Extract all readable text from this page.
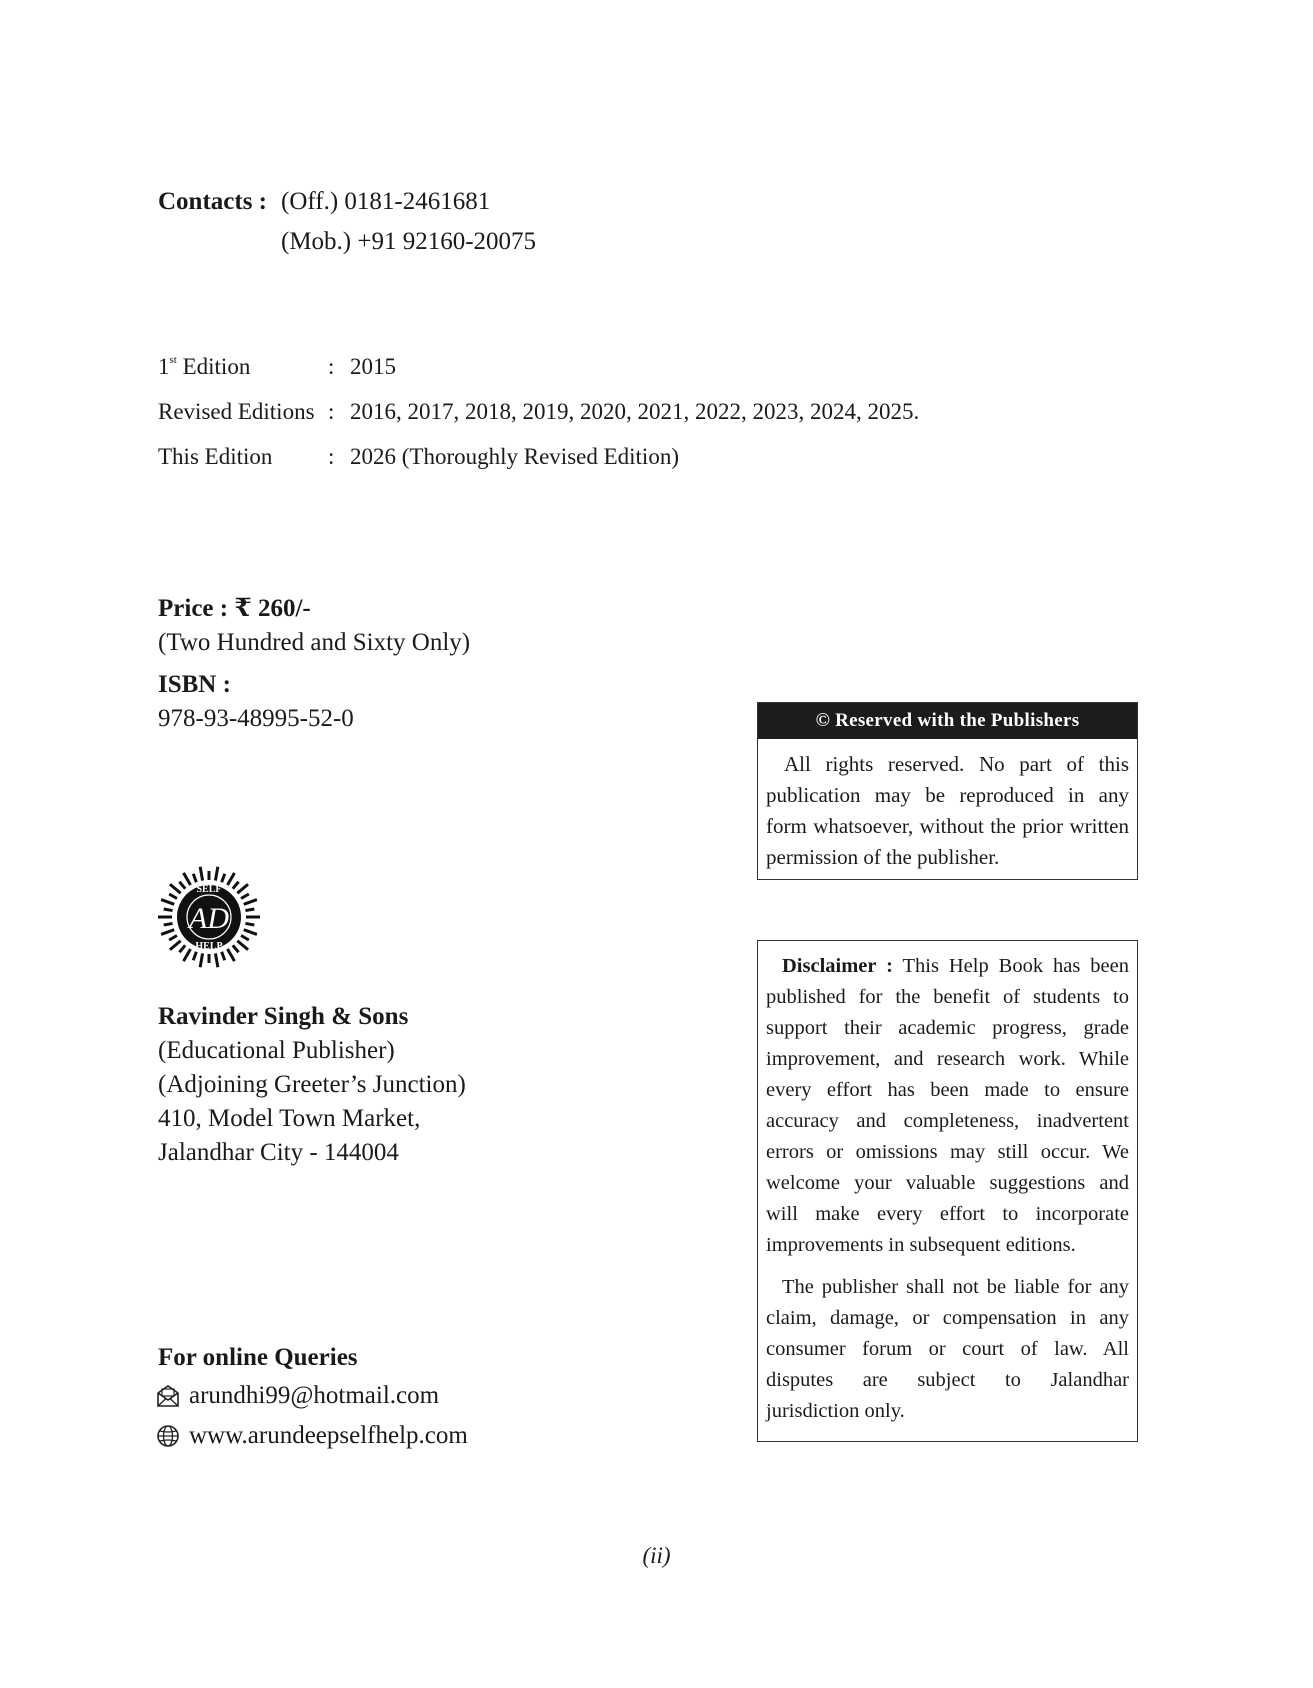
Contacts : (Off.) 0181-2461681
(Mob.) +91 92160-20075
1st Edition	: 2015
Revised Editions : 2016, 2017, 2018, 2019, 2020, 2021, 2022, 2023, 2024, 2025.
This Edition	: 2026 (Thoroughly Revised Edition)
Price : ₹ 260/-
(Two Hundred and Sixty Only)
ISBN :
978-93-48995-52-0
SELF
HELP
AD
Ravinder Singh & Sons
(Educational Publisher)
(Adjoining Greeter’s Junction)
410, Model Town Market,
Jalandhar City - 144004
For online Queries
arundhi99@hotmail.com
www.arundeepselfhelp.com
© Reserved with the Publishers
All rights reserved. No part of this publication may be reproduced in any form whatsoever, without the prior written permission of the publisher.

Disclaimer : This Help Book has been published for the benefit of students to support their academic progress, grade improvement, and research work. While every effort has been made to ensure accuracy and completeness, inadvertent errors or omissions may still occur. We welcome your valuable suggestions and will make every effort to incorporate improvements in subsequent editions.

The publisher shall not be liable for any claim, damage, or compensation in any consumer forum or court of law. All disputes are subject to Jalandhar jurisdiction only.

(ii)
